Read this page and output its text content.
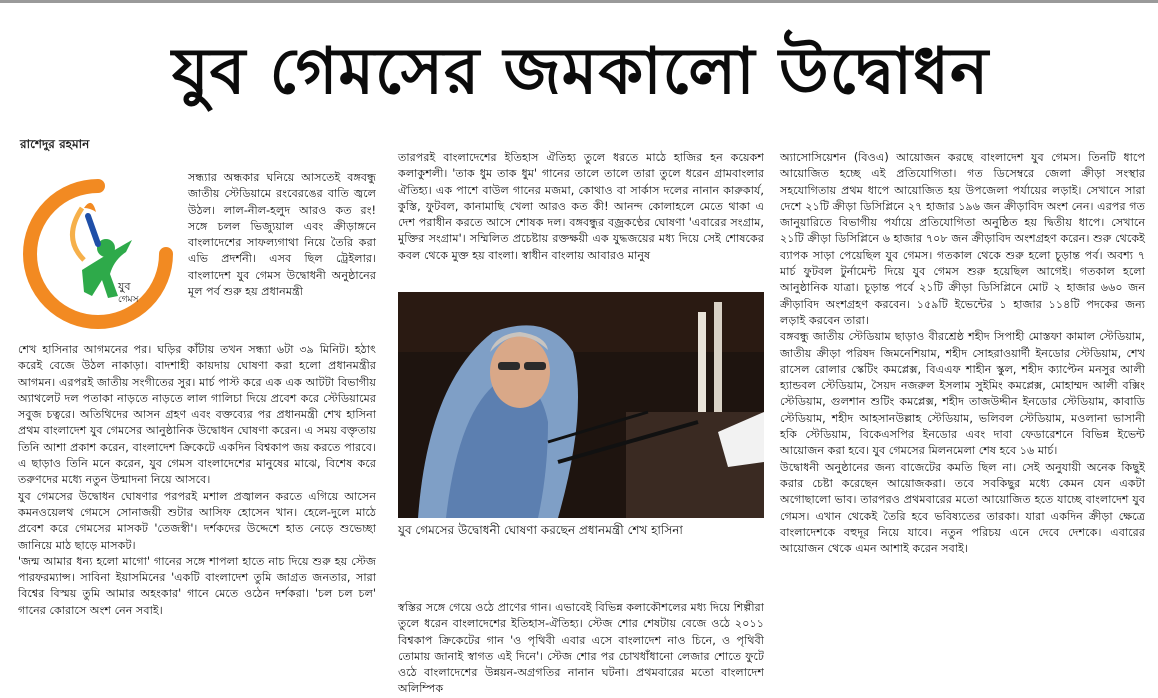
যুব গেমসের জমকালো উদ্বোধন
রাশেদুর রহমান
যুব
গেমস

সন্ধ্যার অন্ধকার ঘনিয়ে আসতেই বঙ্গবন্ধু জাতীয় স্টেডিয়ামে রংবেরঙের বাতি জ্বলে উঠল। লাল-নীল-হলুদ আরও কত রং! সঙ্গে চলল ভিজ্যুয়াল এবং ক্রীড়াঙ্গনে বাংলাদেশের সাফল্যগাথা নিয়ে তৈরি করা এভি প্রদর্শনী। এসব ছিল ট্রেইলার। বাংলাদেশ যুব গেমস উদ্বোধনী অনুষ্ঠানের মূল পর্ব শুরু হয় প্রধানমন্ত্রী

শেখ হাসিনার আগমনের পর। ঘড়ির কাঁটায় তখন সন্ধ্যা ৬টা ৩৯ মিনিট। হঠাৎ করেই বেজে উঠল নাকাড়া। বাদশাহী কায়দায় ঘোষণা করা হলো প্রধানমন্ত্রীর আগমন। এরপরই জাতীয় সংগীতের সুর। মার্চ পাস্ট করে এক এক আটটা বিভাগীয় অ্যাথলেট দল পতাকা নাড়তে নাড়তে লাল গালিচা দিয়ে প্রবেশ করে স্টেডিয়ামের সবুজ চত্বরে। অতিথিদের আসন গ্রহণ এবং বক্তব্যের পর প্রধানমন্ত্রী শেখ হাসিনা প্রথম বাংলাদেশ যুব গেমসের আনুষ্ঠানিক উদ্বোধন ঘোষণা করেন। এ সময় বক্তৃতায় তিনি আশা প্রকাশ করেন, বাংলাদেশ ক্রিকেটে একদিন বিশ্বকাপ জয় করতে পারবে। এ ছাড়াও তিনি মনে করেন, যুব গেমস বাংলাদেশের মানুষের মাঝে, বিশেষ করে তরুণদের মধ্যে নতুন উন্মাদনা নিয়ে আসবে।

যুব গেমসের উদ্বোধন ঘোষণার পরপরই মশাল প্রজ্বালন করতে এগিয়ে আসেন কমনওয়েলথ গেমসে সোনাজয়ী শুটার আসিফ হোসেন খান। হেলে-দুলে মাঠে প্রবেশ করে গেমসের মাসকট 'তেজস্বী'। দর্শকদের উদ্দেশে হাত নেড়ে শুভেচ্ছা জানিয়ে মাঠ ছাড়ে মাসকট।

'জন্ম আমার ধন্য হলো মাগো' গানের সঙ্গে শাপলা হাতে নাচ দিয়ে শুরু হয় স্টেজ পারফরম্যান্স। সাবিনা ইয়াসমিনের 'একটি বাংলাদেশ তুমি জাগ্রত জনতার, সারা বিশ্বের বিস্ময় তুমি আমার অহংকার' গানে মেতে ওঠেন দর্শকরা। 'চল চল চল' গানের কোরাসে অংশ নেন সবাই।

তারপরই বাংলাদেশের ইতিহাস ঐতিহ্য তুলে ধরতে মাঠে হাজির হন কয়েকশ কলাকুশলী। 'তাক ধুম তাক ধুম' গানের তালে তালে তারা তুলে ধরেন গ্রামবাংলার ঐতিহ্য। এক পাশে বাউল গানের মজমা, কোথাও বা সার্কাস দলের নানান কারুকার্য, কুস্তি, ফুটবল, কানামাছি খেলা আরও কত কী! আনন্দ কোলাহলে মেতে থাকা এ দেশ পরাধীন করতে আসে শোষক দল। বঙ্গবন্ধুর বজ্রকণ্ঠের ঘোষণা 'এবারের সংগ্রাম, মুক্তির সংগ্রাম'। সম্মিলিত প্রচেষ্টায় রক্তক্ষয়ী এক যুদ্ধজয়ের মধ্য দিয়ে সেই শোষকের কবল থেকে মুক্ত হয় বাংলা। স্বাধীন বাংলায় আবারও মানুষ

যুব গেমসের উদ্বোধনী ঘোষণা করছেন প্রধানমন্ত্রী শেখ হাসিনা

স্বস্তির সঙ্গে গেয়ে ওঠে প্রাণের গান। এভাবেই বিভিন্ন কলাকৌশলের মধ্য দিয়ে শিল্পীরা তুলে ধরেন বাংলাদেশের ইতিহাস-ঐতিহ্য। স্টেজ শোর শেষটায় বেজে ওঠে ২০১১ বিশ্বকাপ ক্রিকেটের গান 'ও পৃথিবী এবার এসে বাংলাদেশ নাও চিনে, ও পৃথিবী তোমায় জানাই স্বাগত এই দিনে'। স্টেজ শোর পর চোখধাঁধানো লেজার শোতে ফুটে ওঠে বাংলাদেশের উন্নয়ন-অগ্রগতির নানান ঘটনা। প্রথমবারের মতো বাংলাদেশ অলিম্পিক

অ্যাসোসিয়েশন (বিওএ) আয়োজন করছে বাংলাদেশ যুব গেমস। তিনটি ধাপে আয়োজিত হচ্ছে এই প্রতিযোগিতা। গত ডিসেম্বরে জেলা ক্রীড়া সংস্থার সহযোগিতায় প্রথম ধাপে আয়োজিত হয় উপজেলা পর্যায়ের লড়াই। সেখানে সারা দেশে ২১টি ক্রীড়া ডিসিপ্লিনে ২৭ হাজার ১৯৬ জন ক্রীড়াবিদ অংশ নেন। এরপর গত জানুয়ারিতে বিভাগীয় পর্যায়ে প্রতিযোগিতা অনুষ্ঠিত হয় দ্বিতীয় ধাপে। সেখানে ২১টি ক্রীড়া ডিসিপ্লিনে ৬ হাজার ৭০৮ জন ক্রীড়াবিদ অংশগ্রহণ করেন। শুরু থেকেই ব্যাপক সাড়া পেয়েছিল যুব গেমস। গতকাল থেকে শুরু হলো চূড়ান্ত পর্ব। অবশ্য ৭ মার্চ ফুটবল টুর্নামেন্ট দিয়ে যুব গেমস শুরু হয়েছিল আগেই। গতকাল হলো আনুষ্ঠানিক যাত্রা। চূড়ান্ত পর্বে ২১টি ক্রীড়া ডিসিপ্লিনে মোট ২ হাজার ৬৬০ জন ক্রীড়াবিদ অংশগ্রহণ করবেন। ১৫৯টি ইভেন্টের ১ হাজার ১১৪টি পদকের জন্য লড়াই করবেন তারা।

বঙ্গবন্ধু জাতীয় স্টেডিয়াম ছাড়াও বীরশ্রেষ্ঠ শহীদ সিপাহী মোস্তফা কামাল স্টেডিয়াম, জাতীয় ক্রীড়া পরিষদ জিমনেশিয়াম, শহীদ সোহরাওয়ার্দী ইনডোর স্টেডিয়াম, শেখ রাসেল রোলার স্কেটিং কমপ্লেক্স, বিএএফ শাহীন স্কুল, শহীদ ক্যাপ্টেন মনসুর আলী হ্যান্ডবল স্টেডিয়াম, সৈয়দ নজরুল ইসলাম সুইমিং কমপ্লেক্স, মোহাম্মদ আলী বক্সিং স্টেডিয়াম, গুলশান শুটিং কমপ্লেক্স, শহীদ তাজউদ্দীন ইনডোর স্টেডিয়াম, কাবাডি স্টেডিয়াম, শহীদ আহসানউল্লাহ স্টেডিয়াম, ভলিবল স্টেডিয়াম, মওলানা ভাসানী হকি স্টেডিয়াম, বিকেএসপির ইনডোর এবং দাবা ফেডারেশনে বিভিন্ন ইভেন্ট আয়োজন করা হবে। যুব গেমসের মিলনমেলা শেষ হবে ১৬ মার্চ।

উদ্বোধনী অনুষ্ঠানের জন্য বাজেটের কমতি ছিল না। সেই অনুযায়ী অনেক কিছুই করার চেষ্টা করেছেন আয়োজকরা। তবে সবকিছুর মধ্যে কেমন যেন একটা অগোছালো ভাব। তারপরও প্রথমবারের মতো আয়োজিত হতে যাচ্ছে বাংলাদেশ যুব গেমস। এখান থেকেই তৈরি হবে ভবিষ্যতের তারকা। যারা একদিন ক্রীড়া ক্ষেত্রে বাংলাদেশকে বহুদূর নিয়ে যাবে। নতুন পরিচয় এনে দেবে দেশকে। এবারের আয়োজন থেকে এমন আশাই করেন সবাই।
